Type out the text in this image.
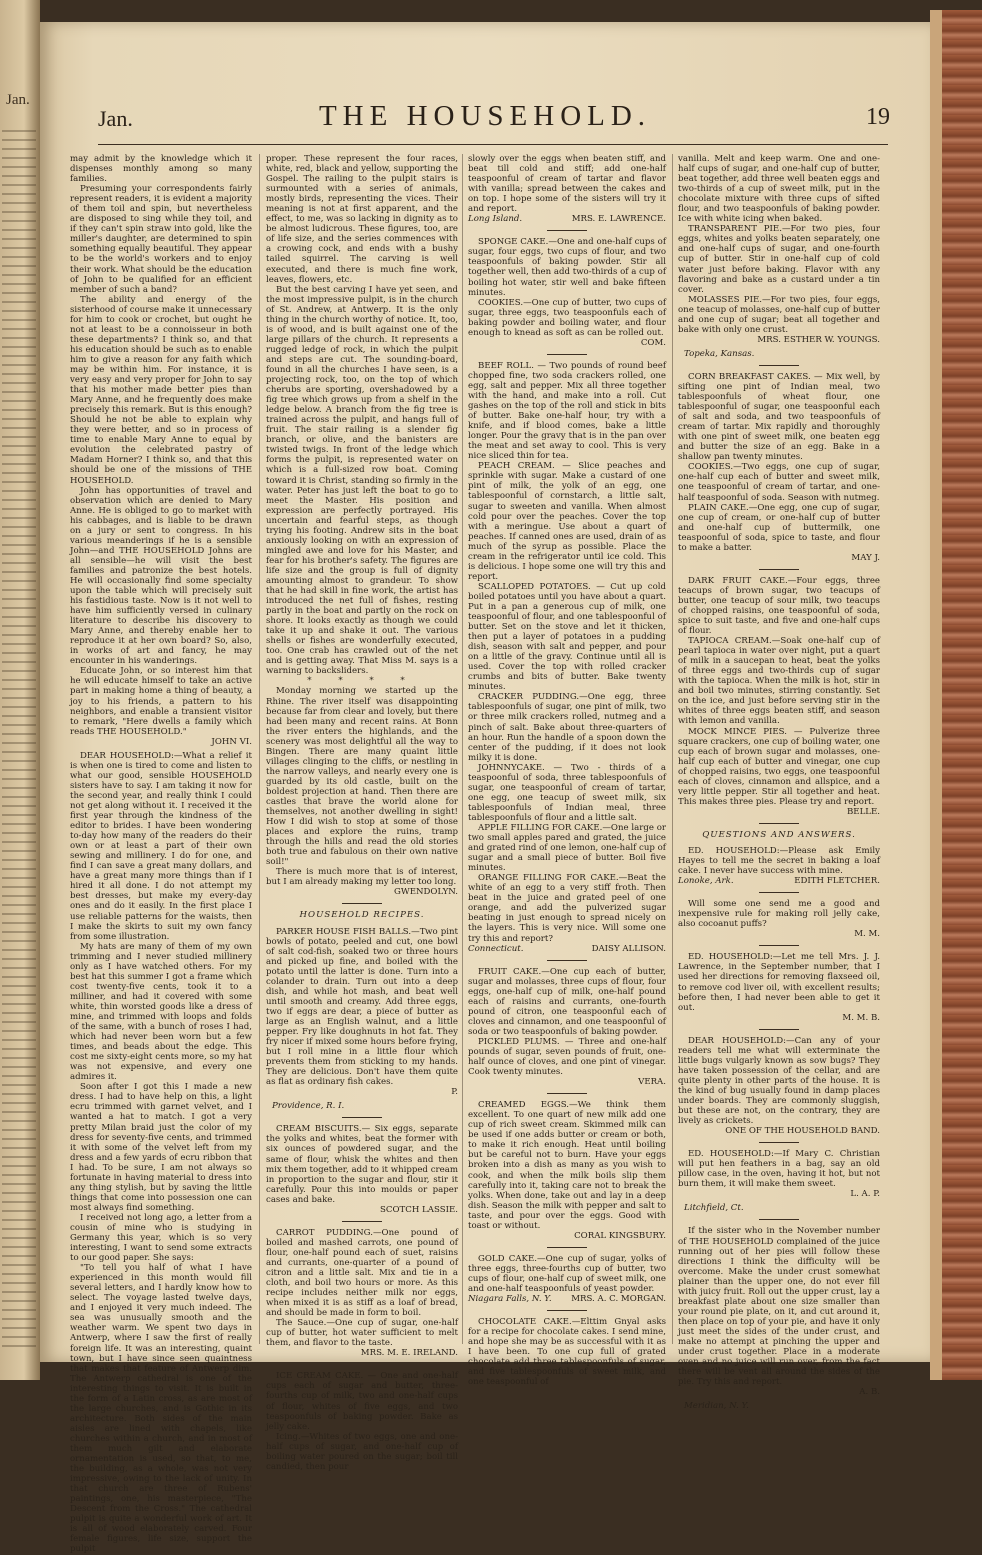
Jan.
Jan.	THE HOUSEHOLD.	19

may admit by the knowledge which it dispenses monthly among so many families.

Presuming your correspondents fairly represent readers, it is evident a majority of them toil and spin, but nevertheless are disposed to sing while they toil, and if they can't spin straw into gold, like the miller's daughter, are determined to spin something equally beautiful. They appear to be the world's workers and to enjoy their work. What should be the education of John to be qualified for an efficient member of such a band?

The ability and energy of the sisterhood of course make it unnecessary for him to cook or crochet, but ought he not at least to be a connoisseur in both these departments? I think so, and that his education should be such as to enable him to give a reason for any faith which may be within him. For instance, it is very easy and very proper for John to say that his mother made better pies than Mary Anne, and he frequently does make precisely this remark. But is this enough? Should he not be able to explain why they were better, and so in process of time to enable Mary Anne to equal by evolution the celebrated pastry of Madam Horner? I think so, and that this should be one of the missions of THE HOUSEHOLD.

John has opportunities of travel and observation which are denied to Mary Anne. He is obliged to go to market with his cabbages, and is liable to be drawn on a jury or sent to congress. In his various meanderings if he is a sensible John—and THE HOUSEHOLD Johns are all sensible—he will visit the best families and patronize the best hotels. He will occasionally find some specialty upon the table which will precisely suit his fastidious taste. Now is it not well to have him sufficiently versed in culinary literature to describe his discovery to Mary Anne, and thereby enable her to reproduce it at her own board? So, also, in works of art and fancy, he may encounter in his wanderings.

Educate John, or so interest him that he will educate himself to take an active part in making home a thing of beauty, a joy to his friends, a pattern to his neighbors, and enable a transient visitor to remark, "Here dwells a family which reads THE HOUSEHOLD."

JOHN VI.

DEAR HOUSEHOLD:—What a relief it is when one is tired to come and listen to what our good, sensible HOUSEHOLD sisters have to say. I am taking it now for the second year, and really think I could not get along without it. I received it the first year through the kindness of the editor to brides. I have been wondering to-day how many of the readers do their own or at least a part of their own sewing and millinery. I do for one, and find I can save a great many dollars, and have a great many more things than if I hired it all done. I do not attempt my best dresses, but make my every-day ones and do it easily. In the first place I use reliable patterns for the waists, then I make the skirts to suit my own fancy from some illustration.

My hats are many of them of my own trimming and I never studied millinery only as I have watched others. For my best hat this summer I got a frame which cost twenty-five cents, took it to a milliner, and had it covered with some white, thin worsted goods like a dress of mine, and trimmed with loops and folds of the same, with a bunch of roses I had, which had never been worn but a few times, and beads about the edge. This cost me sixty-eight cents more, so my hat was not expensive, and every one admires it.

Soon after I got this I made a new dress. I had to have help on this, a light ecru trimmed with garnet velvet, and I wanted a hat to match. I got a very pretty Milan braid just the color of my dress for seventy-five cents, and trimmed it with some of the velvet left from my dress and a few yards of ecru ribbon that I had. To be sure, I am not always so fortunate in having material to dress into any thing stylish, but by saving the little things that come into possession one can most always find something.

I received not long ago, a letter from a cousin of mine who is studying in Germany this year, which is so very interesting, I want to send some extracts to our good paper. She says:

"To tell you half of what I have experienced in this month would fill several letters, and I hardly know how to select. The voyage lasted twelve days, and I enjoyed it very much indeed. The sea was unusually smooth and the weather warm. We spent two days in Antwerp, where I saw the first of really foreign life. It was an interesting, quaint town, but I have since seen quaintness that makes that feature of Antwerp dim. The Antwerp cathedral is one of the interesting things to visit. It is built in the form of a Latin cross, as are most of the large churches, and is Gothic in its architecture. Both sides of the main aisles are lined with chapels, like churches within a church, and in most of them much gilt and elaborate ornamentation is used, so that, to me, the building, as a whole, was not very impressive, owing to the lack of unity. In that church are three of Rubens' paintings, one, his masterpiece, "The Descent from the Cross." The cathedral pulpit is quite a wonderful work of art. It is all of wood elaborately carved. Four female figures, life size, support the pulpit

proper. These represent the four races, white, red, black and yellow, supporting the Gospel. The railing to the pulpit stairs is surmounted with a series of animals, mostly birds, representing the vices. Their meaning is not at first apparent, and the effect, to me, was so lacking in dignity as to be almost ludicrous. These figures, too, are of life size, and the series commences with a crowing cock, and ends with a bushy tailed squirrel. The carving is well executed, and there is much fine work, leaves, flowers, etc.

But the best carving I have yet seen, and the most impressive pulpit, is in the church of St. Andrew, at Antwerp. It is the only thing in the church worthy of notice. It, too, is of wood, and is built against one of the large pillars of the church. It represents a rugged ledge of rock, in which the pulpit and steps are cut. The sounding-board, found in all the churches I have seen, is a projecting rock, too, on the top of which cherubs are sporting, overshadowed by a fig tree which grows up from a shelf in the ledge below. A branch from the fig tree is trained across the pulpit, and hangs full of fruit. The stair railing is a slender fig branch, or olive, and the banisters are twisted twigs. In front of the ledge which forms the pulpit, is represented water on which is a full-sized row boat. Coming toward it is Christ, standing so firmly in the water. Peter has just left the boat to go to meet the Master. His position and expression are perfectly portrayed. His uncertain and fearful steps, as though trying his footing. Andrew sits in the boat anxiously looking on with an expression of mingled awe and love for his Master, and fear for his brother's safety. The figures are life size and the group is full of dignity amounting almost to grandeur. To show that he had skill in fine work, the artist has introduced the net full of fishes, resting partly in the boat and partly on the rock on shore. It looks exactly as though we could take it up and shake it out. The various shells or fishes are wonderfully executed, too. One crab has crawled out of the net and is getting away. That Miss M. says is a warning to backsliders.

* * * *

Monday morning we started up the Rhine. The river itself was disappointing because far from clear and lovely, but there had been many and recent rains. At Bonn the river enters the highlands, and the scenery was most delightful all the way to Bingen. There are many quaint little villages clinging to the cliffs, or nestling in the narrow valleys, and nearly every one is guarded by its old castle, built on the boldest projection at hand. Then there are castles that brave the world alone for themselves, not another dwelling in sight! How I did wish to stop at some of those places and explore the ruins, tramp through the hills and read the old stories both true and fabulous on their own native soil!"

There is much more that is of interest, but I am already making my letter too long.

GWENDOLYN.
HOUSEHOLD RECIPES.

PARKER HOUSE FISH BALLS.—Two pint bowls of potato, peeled and cut, one bowl of salt cod-fish, soaked two or three hours and picked up fine, and boiled with the potato until the latter is done. Turn into a colander to drain. Turn out into a deep dish, and while hot mash, and beat well until smooth and creamy. Add three eggs, two if eggs are dear, a piece of butter as large as an English walnut, and a little pepper. Fry like doughnuts in hot fat. They fry nicer if mixed some hours before frying, but I roll mine in a little flour which prevents them from sticking to my hands. They are delicious. Don't have them quite as flat as ordinary fish cakes.

P.
Providence, R. I.

CREAM BISCUITS.— Six eggs, separate the yolks and whites, beat the former with six ounces of powdered sugar, and the same of flour, whisk the whites and then mix them together, add to it whipped cream in proportion to the sugar and flour, stir it carefully. Pour this into moulds or paper cases and bake.

SCOTCH LASSIE.

CARROT PUDDING.—One pound of boiled and mashed carrots, one pound of flour, one-half pound each of suet, raisins and currants, one-quarter of a pound of citron and a little salt. Mix and tie in a cloth, and boil two hours or more. As this recipe includes neither milk nor eggs, when mixed it is as stiff as a loaf of bread, and should be made in form to boil.

The Sauce.—One cup of sugar, one-half cup of butter, hot water sufficient to melt them, and flavor to the taste.

MRS. M. E. IRELAND.

ICE CREAM CAKE. — One and one-half cups each of sugar and butter, three-fourths cup of milk, two and one-half cups of flour, whites of five eggs, and two teaspoonfuls of baking powder. Bake as jelly cake.

Icing.—Whites of two eggs, one and one-half cups of sugar, and one-half cup of boiling water poured on the sugar; boil till candied, then pour

slowly over the eggs when beaten stiff, and beat till cold and stiff; add one-half teaspoonful of cream of tartar and flavor with vanilla; spread between the cakes and on top. I hope some of the sisters will try it and report.

Long Island.	MRS. E. LAWRENCE.

SPONGE CAKE.—One and one-half cups of sugar, four eggs, two cups of flour, and two teaspoonfuls of baking powder. Stir all together well, then add two-thirds of a cup of boiling hot water, stir well and bake fifteen minutes.

COOKIES.—One cup of butter, two cups of sugar, three eggs, two teaspoonfuls each of baking powder and boiling water, and flour enough to knead as soft as can be rolled out.

COM.

BEEF ROLL. — Two pounds of round beef chopped fine, two soda crackers rolled, one egg, salt and pepper. Mix all three together with the hand, and make into a roll. Cut gashes on the top of the roll and stick in bits of butter. Bake one-half hour, try with a knife, and if blood comes, bake a little longer. Pour the gravy that is in the pan over the meat and set away to cool. This is very nice sliced thin for tea.

PEACH CREAM. — Slice peaches and sprinkle with sugar. Make a custard of one pint of milk, the yolk of an egg, one tablespoonful of cornstarch, a little salt, sugar to sweeten and vanilla. When almost cold pour over the peaches. Cover the top with a meringue. Use about a quart of peaches. If canned ones are used, drain of as much of the syrup as possible. Place the cream in the refrigerator until ice cold. This is delicious. I hope some one will try this and report.

SCALLOPED POTATOES. — Cut up cold boiled potatoes until you have about a quart. Put in a pan a generous cup of milk, one teaspoonful of flour, and one tablespoonful of butter. Set on the stove and let it thicken, then put a layer of potatoes in a pudding dish, season with salt and pepper, and pour on a little of the gravy. Continue until all is used. Cover the top with rolled cracker crumbs and bits of butter. Bake twenty minutes.

CRACKER PUDDING.—One egg, three tablespoonfuls of sugar, one pint of milk, two or three milk crackers rolled, nutmeg and a pinch of salt. Bake about three-quarters of an hour. Run the handle of a spoon down the center of the pudding, if it does not look milky it is done.

JOHNNYCAKE. — Two - thirds of a teaspoonful of soda, three tablespoonfuls of sugar, one teaspoonful of cream of tartar, one egg, one teacup of sweet milk, six tablespoonfuls of Indian meal, three tablespoonfuls of flour and a little salt.

APPLE FILLING FOR CAKE.—One large or two small apples pared and grated, the juice and grated rind of one lemon, one-half cup of sugar and a small piece of butter. Boil five minutes.

ORANGE FILLING FOR CAKE.—Beat the white of an egg to a very stiff froth. Then beat in the juice and grated peel of one orange, and add the pulverized sugar beating in just enough to spread nicely on the layers. This is very nice. Will some one try this and report?

Connecticut.	DAISY ALLISON.

FRUIT CAKE.—One cup each of butter, sugar and molasses, three cups of flour, four eggs, one-half cup of milk, one-half pound each of raisins and currants, one-fourth pound of citron, one teaspoonful each of cloves and cinnamon, and one teaspoonful of soda or two teaspoonfuls of baking powder.

PICKLED PLUMS. — Three and one-half pounds of sugar, seven pounds of fruit, one-half ounce of cloves, and one pint of vinegar. Cook twenty minutes.

VERA.

CREAMED EGGS.—We think them excellent. To one quart of new milk add one cup of rich sweet cream. Skimmed milk can be used if one adds butter or cream or both, to make it rich enough. Heat until boiling but be careful not to burn. Have your eggs broken into a dish as many as you wish to cook, and when the milk boils slip them carefully into it, taking care not to break the yolks. When done, take out and lay in a deep dish. Season the milk with pepper and salt to taste, and pour over the eggs. Good with toast or without.

CORAL KINGSBURY.

GOLD CAKE.—One cup of sugar, yolks of three eggs, three-fourths cup of butter, two cups of flour, one-half cup of sweet milk, one and one-half teaspoonfuls of yeast powder.

Niagara Falls, N. Y. MRS. A. C. MORGAN.

CHOCOLATE CAKE.—Elttim Gnyal asks for a recipe for chocolate cakes. I send mine, and hope she may be as successful with it as I have been. To one cup full of grated chocolate add three tablespoonfuls of sugar, and five tablespoonfuls of sweet milk, and one teaspoonful of

vanilla. Melt and keep warm. One and one-half cups of sugar, and one-half cup of butter, beat together, add three well beaten eggs and two-thirds of a cup of sweet milk, put in the chocolate mixture with three cups of sifted flour, and two teaspoonfuls of baking powder. Ice with white icing when baked.

TRANSPARENT PIE.—For two pies, four eggs, whites and yolks beaten separately, one and one-half cups of sugar, and one-fourth cup of butter. Stir in one-half cup of cold water just before baking. Flavor with any flavoring and bake as a custard under a tin cover.

MOLASSES PIE.—For two pies, four eggs, one teacup of molasses, one-half cup of butter and one cup of sugar; beat all together and bake with only one crust.

MRS. ESTHER W. YOUNGS.
Topeka, Kansas.

CORN BREAKFAST CAKES. — Mix well, by sifting one pint of Indian meal, two tablespoonfuls of wheat flour, one tablespoonful of sugar, one teaspoonful each of salt and soda, and two teaspoonfuls of cream of tartar. Mix rapidly and thoroughly with one pint of sweet milk, one beaten egg and butter the size of an egg. Bake in a shallow pan twenty minutes.

COOKIES.—Two eggs, one cup of sugar, one-half cup each of butter and sweet milk, one teaspoonful of cream of tartar, and one-half teaspoonful of soda. Season with nutmeg.

PLAIN CAKE.—One egg, one cup of sugar, one cup of cream, or one-half cup of butter and one-half cup of buttermilk, one teaspoonful of soda, spice to taste, and flour to make a batter.

MAY J.

DARK FRUIT CAKE.—Four eggs, three teacups of brown sugar, two teacups of butter, one teacup of sour milk, two teacups of chopped raisins, one teaspoonful of soda, spice to suit taste, and five and one-half cups of flour.

TAPIOCA CREAM.—Soak one-half cup of pearl tapioca in water over night, put a quart of milk in a saucepan to heat, beat the yolks of three eggs and two-thirds cup of sugar with the tapioca. When the milk is hot, stir in and boil two minutes, stirring constantly. Set on the ice, and just before serving stir in the whites of three eggs beaten stiff, and season with lemon and vanilla.

MOCK MINCE PIES. — Pulverize three square crackers, one cup of boiling water, one cup each of brown sugar and molasses, one-half cup each of butter and vinegar, one cup of chopped raisins, two eggs, one teaspoonful each of cloves, cinnamon and allspice, and a very little pepper. Stir all together and heat. This makes three pies. Please try and report.

BELLE.
QUESTIONS AND ANSWERS.

ED. HOUSEHOLD:—Please ask Emily Hayes to tell me the secret in baking a loaf cake. I never have success with mine.

Lonoke, Ark.	EDITH FLETCHER.

Will some one send me a good and inexpensive rule for making roll jelly cake, also cocoanut puffs?

M. M.

ED. HOUSEHOLD:—Let me tell Mrs. J. J. Lawrence, in the September number, that I used her directions for removing flaxseed oil, to remove cod liver oil, with excellent results; before then, I had never been able to get it out.

M. M. B.

DEAR HOUSEHOLD:—Can any of your readers tell me what will exterminate the little bugs vulgarly known as sow bugs? They have taken possession of the cellar, and are quite plenty in other parts of the house. It is the kind of bug usually found in damp places under boards. They are commonly sluggish, but these are not, on the contrary, they are lively as crickets.

ONE OF THE HOUSEHOLD BAND.

ED. HOUSEHOLD:—If Mary C. Christian will put hen feathers in a bag, say an old pillow case, in the oven, having it hot, but not burn them, it will make them sweet.

L. A. P.
Litchfield, Ct.

If the sister who in the November number of THE HOUSEHOLD complained of the juice running out of her pies will follow these directions I think the difficulty will be overcome. Make the under crust somewhat plainer than the upper one, do not ever fill with juicy fruit. Roll out the upper crust, lay a breakfast plate about one size smaller than your round pie plate, on it, and cut around it, then place on top of your pie, and have it only just meet the sides of the under crust, and make no attempt at pinching the upper and under crust together. Place in a moderate oven and no juice will run over, from the fact there will be vent all around the sides of the pie. Try this and report.

A. B.
Meridian, N. Y.
